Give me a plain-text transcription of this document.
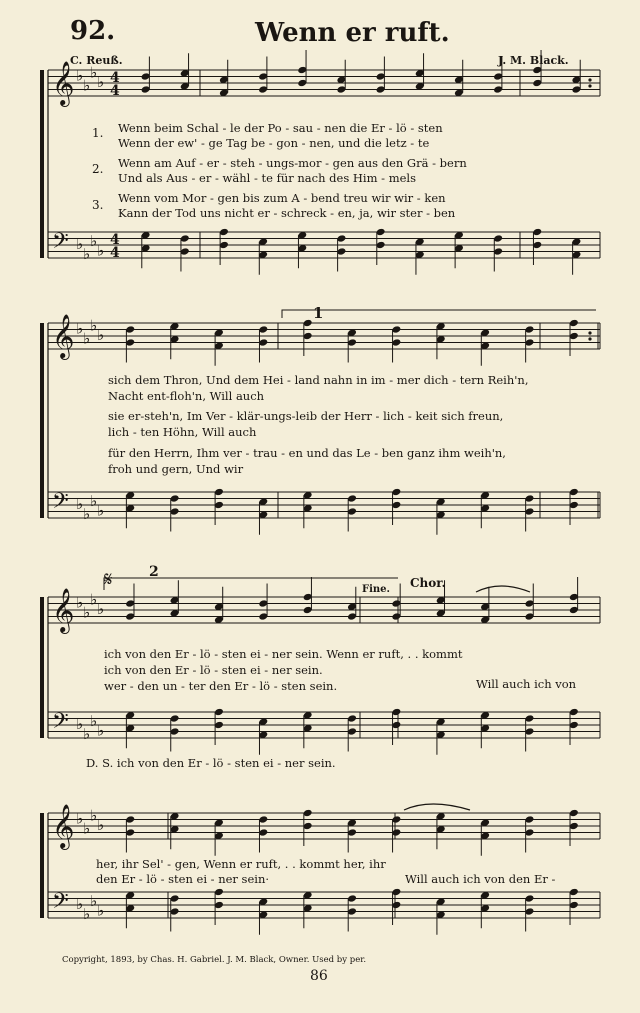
92.	Wenn er ruft.
C. Reuß.	J. M. Black.
𝄞
𝄢
♭
♭
♭
♭
♭
♭
♭
♭
4
4
4
4
𝄞
𝄢
♭
♭
♭
♭
♭
♭
♭
♭
𝄞
𝄢
♭
♭
♭
♭
♭
♭
♭
♭
𝄞
𝄢
♭
♭
♭
♭
♭
♭
♭
♭
1.
2.
3.
Wenn beim Schal - le der Po - sau - nen die Er - lö - sten
Wenn der ew' - ge Tag be - gon - nen, und die letz - te
Wenn am Auf - er - steh - ungs-mor - gen aus den Grä - bern
Und als Aus - er - wähl - te für nach des Him - mels
Wenn vom Mor - gen bis zum A - bend treu wir wir - ken
Kann der Tod uns nicht er - schreck - en, ja, wir ster - ben
sich dem Thron, Und dem Hei - land nahn in im - mer dich - tern Reih'n,
Nacht ent-floh'n, Will auch
sie er-steh'n, Im Ver - klär-ungs-leib der Herr - lich - keit sich freun,
lich - ten Höhn, Will auch
für den Herrn, Ihm ver - trau - en und das Le - ben ganz ihm weih'n,
froh und gern, Und wir
1
𝄋	2
Fine. Chor.
ich von den Er - lö - sten ei - ner sein. Wenn er ruft, . . kommt
ich von den Er - lö - sten ei - ner sein.
wer - den un - ter den Er - lö - sten sein.	Will auch ich von
D. S. ich von den Er - lö - sten ei - ner sein.
her, ihr Sel' - gen, Wenn er ruft, . . kommt her, ihr
den Er - lö - sten ei - ner sein·	Will auch ich von den Er -
Copyright, 1893, by Chas. H. Gabriel. J. M. Black, Owner. Used by per.
86
